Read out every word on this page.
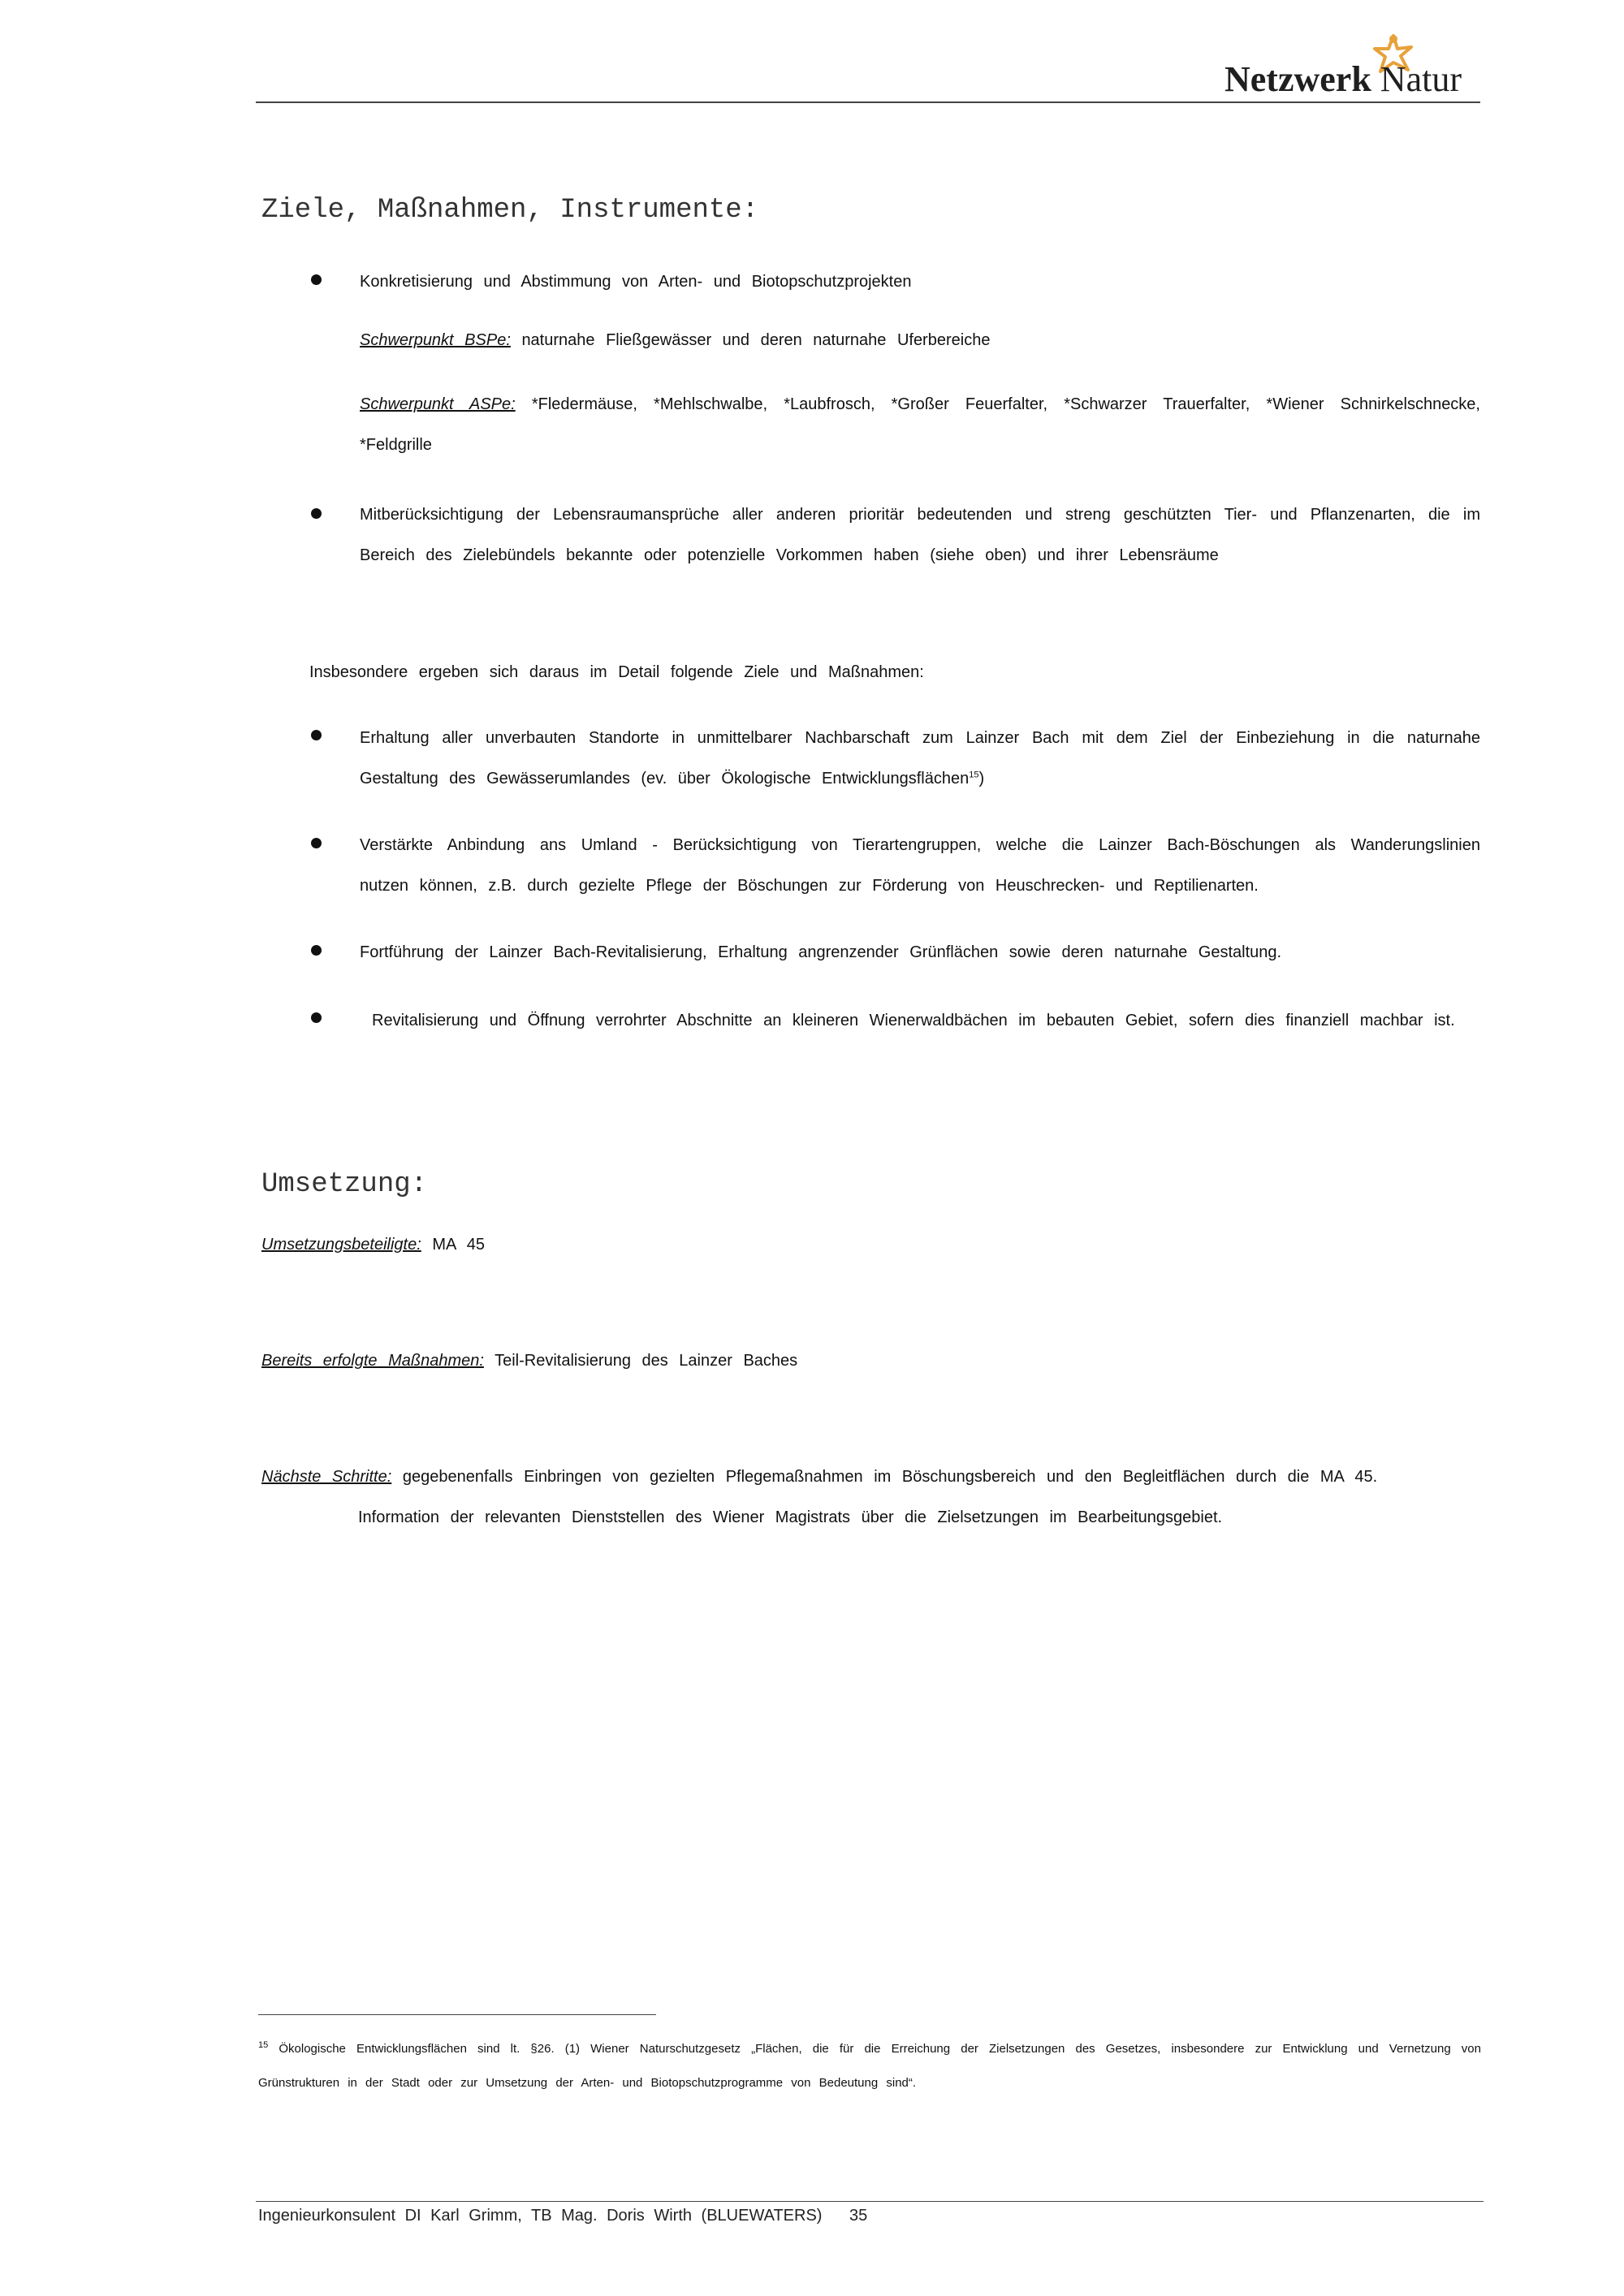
Netzwerk Natur
Ziele, Maßnahmen, Instrumente:
Konkretisierung und Abstimmung von Arten- und Biotopschutzprojekten
Schwerpunkt BSPe: naturnahe Fließgewässer und deren naturnahe Uferbereiche
Schwerpunkt ASPe: *Fledermäuse, *Mehlschwalbe, *Laubfrosch, *Großer Feuerfalter, *Schwarzer Trauerfalter, *Wiener Schnirkelschnecke, *Feldgrille
Mitberücksichtigung der Lebensraumansprüche aller anderen prioritär bedeutenden und streng geschützten Tier- und Pflanzenarten, die im Bereich des Zielebündels bekannte oder potenzielle Vorkommen haben (siehe oben) und ihrer Lebensräume
Insbesondere ergeben sich daraus im Detail folgende Ziele und Maßnahmen:
Erhaltung aller unverbauten Standorte in unmittelbarer Nachbarschaft zum Lainzer Bach mit dem Ziel der Einbeziehung in die naturnahe Gestaltung des Gewässerumlandes (ev. über Ökologische Entwicklungsflächen$^{15}$)
Verstärkte Anbindung ans Umland - Berücksichtigung von Tierartengruppen, welche die Lainzer Bach-Böschungen als Wanderungslinien nutzen können, z.B. durch gezielte Pflege der Böschungen zur Förderung von Heuschrecken- und Reptilienarten.
Fortführung der Lainzer Bach-Revitalisierung, Erhaltung angrenzender Grünflächen sowie deren naturnahe Gestaltung.
Revitalisierung und Öffnung verrohrter Abschnitte an kleineren Wienerwaldbächen im bebauten Gebiet, sofern dies finanziell machbar ist.
Umsetzung:
Umsetzungsbeteiligte: MA 45
Bereits erfolgte Maßnahmen: Teil-Revitalisierung des Lainzer Baches
Nächste Schritte: gegebenenfalls Einbringen von gezielten Pflegemaßnahmen im Böschungsbereich und den Begleitflächen durch die MA 45.
Information der relevanten Dienststellen des Wiener Magistrats über die Zielsetzungen im Bearbeitungsgebiet.
$^{15}$ Ökologische Entwicklungsflächen sind lt. §26. (1) Wiener Naturschutzgesetz „Flächen, die für die Erreichung der Zielsetzungen des Gesetzes, insbesondere zur Entwicklung und Vernetzung von Grünstrukturen in der Stadt oder zur Umsetzung der Arten- und Biotopschutzprogramme von Bedeutung sind“.
Ingenieurkonsulent DI Karl Grimm, TB Mag. Doris Wirth (BLUEWATERS) 35
